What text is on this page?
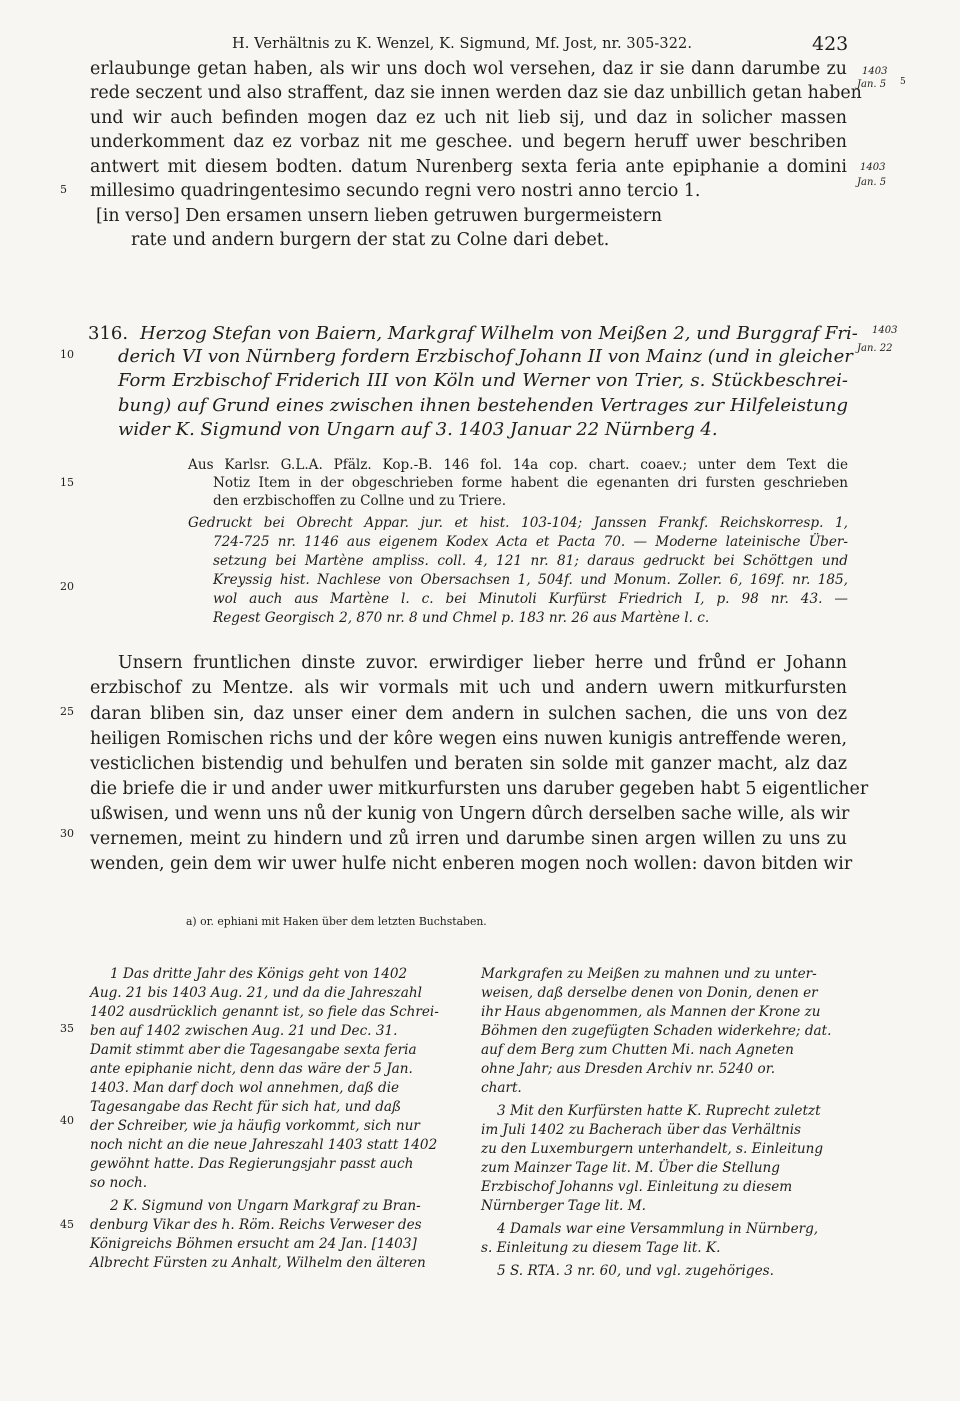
H. Verhältnis zu K. Wenzel, K. Sigmund, Mf. Jost, nr. 305-322.	423
erlaubunge getan haben, als wir uns doch wol versehen, daz ir sie dann darumbe zu
rede seczent und also straffent, daz sie innen werden daz sie daz unbillich getan haben
und wir auch befinden mogen daz ez uch nit lieb sij, und daz in solicher massen
underkomment daz ez vorbaz nit me geschee. und begern heruff uwer beschriben
antwert mit diesem bodten. datum Nurenberg sexta feria ante epiphanie a domini
millesimo quadringentesimo secundo regni vero nostri anno tercio 1.
[in verso] Den ersamen unsern lieben getruwen burgermeistern
rate und andern burgern der stat zu Colne dari debet.
1403
Jan. 5 5
1403
Jan. 5
1403
Jan. 22
5
10
15
20
25
30
35
40
45
316. Herzog Stefan von Baiern, Markgraf Wilhelm von Meißen 2, und Burggraf Fri-
derich VI von Nürnberg fordern Erzbischof Johann II von Mainz (und in gleicher
Form Erzbischof Friderich III von Köln und Werner von Trier, s. Stückbeschrei-
bung) auf Grund eines zwischen ihnen bestehenden Vertrages zur Hilfeleistung
wider K. Sigmund von Ungarn auf 3. 1403 Januar 22 Nürnberg 4.
Aus Karlsr. G.L.A. Pfälz. Kop.-B. 146 fol. 14a cop. chart. coaev.; unter dem Text die
Notiz Item in der obgeschrieben forme habent die egenanten dri fursten geschrieben
den erzbischoffen zu Collne und zu Triere.
Gedruckt bei Obrecht Appar. jur. et hist. 103-104; Janssen Frankf. Reichskorresp. 1,
724-725 nr. 1146 aus eigenem Kodex Acta et Pacta 70. — Moderne lateinische Über-
setzung bei Martène ampliss. coll. 4, 121 nr. 81; daraus gedruckt bei Schöttgen und
Kreyssig hist. Nachlese von Obersachsen 1, 504f. und Monum. Zoller. 6, 169f. nr. 185,
wol auch aus Martène l. c. bei Minutoli Kurfürst Friedrich I, p. 98 nr. 43. —
Regest Georgisch 2, 870 nr. 8 und Chmel p. 183 nr. 26 aus Martène l. c.
Unsern fruntlichen dinste zuvor. erwirdiger lieber herre und frůnd er Johann
erzbischof zu Mentze. als wir vormals mit uch und andern uwern mitkurfursten
daran bliben sin, daz unser einer dem andern in sulchen sachen, die uns von dez
heiligen Romischen richs und der kôre wegen eins nuwen kunigis antreffende weren,
vesticlichen bistendig und behulfen und beraten sin solde mit ganzer macht, alz daz
die briefe die ir und ander uwer mitkurfursten uns daruber gegeben habt 5 eigentlicher
ußwisen, und wenn uns nů der kunig von Ungern dûrch derselben sache wille, als wir
vernemen, meint zu hindern und zů irren und darumbe sinen argen willen zu uns zu
wenden, gein dem wir uwer hulfe nicht enberen mogen noch wollen: davon bitden wir
a) or. ephiani mit Haken über dem letzten Buchstaben.
1 Das dritte Jahr des Königs geht von 1402
Aug. 21 bis 1403 Aug. 21, und da die Jahreszahl
1402 ausdrücklich genannt ist, so fiele das Schrei-
ben auf 1402 zwischen Aug. 21 und Dec. 31.
Damit stimmt aber die Tagesangabe sexta feria
ante epiphanie nicht, denn das wäre der 5 Jan.
1403. Man darf doch wol annehmen, daß die
Tagesangabe das Recht für sich hat, und daß
der Schreiber, wie ja häufig vorkommt, sich nur
noch nicht an die neue Jahreszahl 1403 statt 1402
gewöhnt hatte. Das Regierungsjahr passt auch
so noch.
2 K. Sigmund von Ungarn Markgraf zu Bran-
denburg Vikar des h. Röm. Reichs Verweser des
Königreichs Böhmen ersucht am 24 Jan. [1403]
Albrecht Fürsten zu Anhalt, Wilhelm den älteren
Markgrafen zu Meißen zu mahnen und zu unter-
weisen, daß derselbe denen von Donin, denen er
ihr Haus abgenommen, als Mannen der Krone zu
Böhmen den zugefügten Schaden widerkehre; dat.
auf dem Berg zum Chutten Mi. nach Agneten
ohne Jahr; aus Dresden Archiv nr. 5240 or.
chart.
3 Mit den Kurfürsten hatte K. Ruprecht zuletzt
im Juli 1402 zu Bacherach über das Verhältnis
zu den Luxemburgern unterhandelt, s. Einleitung
zum Mainzer Tage lit. M. Über die Stellung
Erzbischof Johanns vgl. Einleitung zu diesem
Nürnberger Tage lit. M.
4 Damals war eine Versammlung in Nürnberg,
s. Einleitung zu diesem Tage lit. K.
5 S. RTA. 3 nr. 60, und vgl. zugehöriges.
